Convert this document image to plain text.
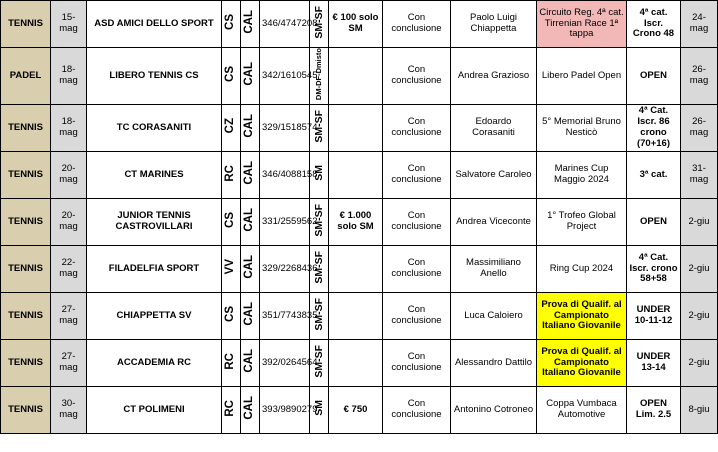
TENNIS	15-mag	ASD AMICI DELLO SPORT	CS	CAL	346/4747208	SM-SF	€ 100 solo SM	Con conclusione	Paolo Luigi Chiappetta	Circuito Reg. 4ª cat. Tirrenian Race 1ª tappa	4ª cat. Iscr. Crono 48	24-mag
PADEL	18-mag	LIBERO TENNIS CS	CS	CAL	342/1610545	DM-DF-Dmisto		Con conclusione	Andrea Grazioso	Libero Padel Open	OPEN	26-mag
TENNIS	18-mag	TC CORASANITI	CZ	CAL	329/1518574	SM-SF		Con conclusione	Edoardo Corasaniti	5° Memorial Bruno Nesticò	4ª Cat. Iscr. 86 crono (70+16)	26-mag
TENNIS	20-mag	CT MARINES	RC	CAL	346/4088158	SM		Con conclusione	Salvatore Caroleo	Marines Cup Maggio 2024	3ª cat.	31-mag
TENNIS	20-mag	JUNIOR TENNIS CASTROVILLARI	CS	CAL	331/2559562	SM-SF	€ 1.000 solo SM	Con conclusione	Andrea Viceconte	1° Trofeo Global Project	OPEN	2-giu
TENNIS	22-mag	FILADELFIA SPORT	VV	CAL	329/2268436	SM-SF		Con conclusione	Massimiliano Anello	Ring Cup 2024	4ª Cat. Iscr. crono 58+58	2-giu
TENNIS	27-mag	CHIAPPETTA SV	CS	CAL	351/7743835	SM-SF		Con conclusione	Luca Caloiero	Prova di Qualif. al Campionato Italiano Giovanile	UNDER 10-11-12	2-giu
TENNIS	27-mag	ACCADEMIA RC	RC	CAL	392/0264564	SM-SF		Con conclusione	Alessandro Dattilo	Prova di Qualif. al Campionato Italiano Giovanile	UNDER 13-14	2-giu
TENNIS	30-mag	CT POLIMENI	RC	CAL	393/9890279	SM	€ 750	Con conclusione	Antonino Cotroneo	Coppa Vumbaca Automotive	OPEN Lim. 2.5	8-giu
